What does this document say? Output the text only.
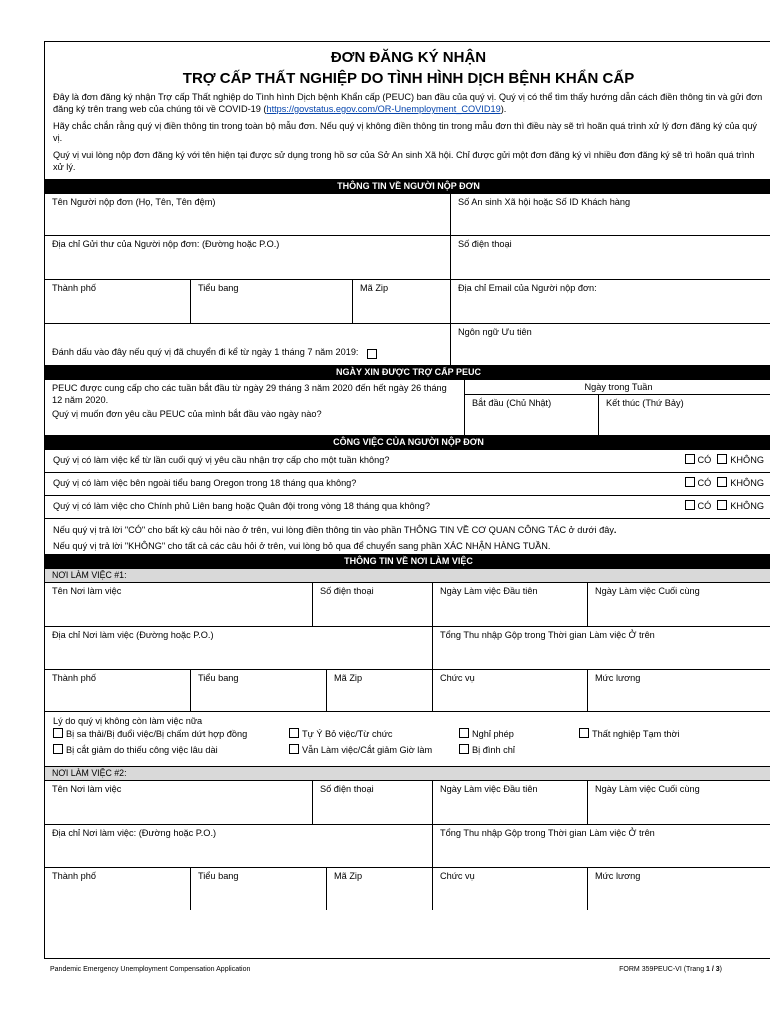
ĐƠN ĐĂNG KÝ NHẬN
TRỢ CẤP THẤT NGHIỆP DO TÌNH HÌNH DỊCH BỆNH KHẨN CẤP

Đây là đơn đăng ký nhận Trợ cấp Thất nghiệp do Tình hình Dịch bệnh Khẩn cấp (PEUC) ban đầu của quý vị. Quý vị có thể tìm thấy hướng dẫn cách điền thông tin và gửi đơn đăng ký trên trang web của chúng tôi về COVID-19 (https://govstatus.egov.com/OR-Unemployment_COVID19).

Hãy chắc chắn rằng quý vị điền thông tin trong toàn bộ mẫu đơn. Nếu quý vị không điền thông tin trong mẫu đơn thì điều này sẽ trì hoãn quá trình xử lý đơn đăng ký của quý vị.

Quý vị vui lòng nộp đơn đăng ký với tên hiện tại được sử dụng trong hồ sơ của Sở An sinh Xã hội. Chỉ được gửi một đơn đăng ký vì nhiều đơn đăng ký sẽ trì hoãn quá trình xử lý.

THÔNG TIN VỀ NGƯỜI NỘP ĐƠN
Tên Người nộp đơn (Họ, Tên, Tên đệm)	Số An sinh Xã hội hoặc Số ID Khách hàng
Địa chỉ Gửi thư của Người nộp đơn: (Đường hoặc P.O.)	Số điện thoại
Thành phố	Tiểu bang	Mã Zip	Địa chỉ Email của Người nộp đơn:
Đánh dấu vào đây nếu quý vị đã chuyển đi kể từ ngày 1 tháng 7 năm 2019:
Ngôn ngữ Ưu tiên
NGÀY XIN ĐƯỢC TRỢ CẤP PEUC
PEUC được cung cấp cho các tuần bắt đầu từ ngày 29 tháng 3 năm 2020 đến hết ngày 26 tháng 12 năm 2020.
Quý vị muốn đơn yêu cầu PEUC của mình bắt đầu vào ngày nào?
Ngày trong Tuần
Bắt đầu (Chủ Nhật)	Kết thúc (Thứ Bảy)
CÔNG VIỆC CỦA NGƯỜI NỘP ĐƠN
Quý vị có làm việc kể từ lần cuối quý vị yêu cầu nhận trợ cấp cho một tuần không?	CÓ KHÔNG
Quý vị có làm việc bên ngoài tiểu bang Oregon trong 18 tháng qua không?	CÓ KHÔNG
Quý vị có làm việc cho Chính phủ Liên bang hoặc Quân đội trong vòng 18 tháng qua không?	CÓ KHÔNG

Nếu quý vị trả lời "CÓ" cho bất kỳ câu hỏi nào ở trên, vui lòng điền thông tin vào phần THÔNG TIN VỀ CƠ QUAN CÔNG TÁC ở dưới đây.

Nếu quý vị trả lời "KHÔNG" cho tất cả các câu hỏi ở trên, vui lòng bỏ qua để chuyển sang phần XÁC NHẬN HÀNG TUẦN.

THÔNG TIN VỀ NƠI LÀM VIỆC
NƠI LÀM VIỆC #1:
Tên Nơi làm việc	Số điện thoại	Ngày Làm việc Đầu tiên	Ngày Làm việc Cuối cùng
Địa chỉ Nơi làm việc (Đường hoặc P.O.)	Tổng Thu nhập Gộp trong Thời gian Làm việc Ở trên
Thành phố	Tiểu bang	Mã Zip	Chức vụ	Mức lương
Lý do quý vị không còn làm việc nữa
Bị sa thải/Bị đuổi việc/Bị chấm dứt hợp đồng	Tự Ý Bỏ việc/Từ chức	Nghỉ phép	Thất nghiệp Tạm thời
Bị cắt giảm do thiếu công việc lâu dài	Vẫn Làm việc/Cắt giảm Giờ làm	Bị đình chỉ
NƠI LÀM VIỆC #2:
Tên Nơi làm việc	Số điện thoại	Ngày Làm việc Đầu tiên	Ngày Làm việc Cuối cùng
Địa chỉ Nơi làm việc: (Đường hoặc P.O.)	Tổng Thu nhập Gộp trong Thời gian Làm việc Ở trên
Thành phố	Tiểu bang	Mã Zip	Chức vụ	Mức lương
Pandemic Emergency Unemployment Compensation Application	FORM 359PEUC-VI (Trang 1 / 3)
